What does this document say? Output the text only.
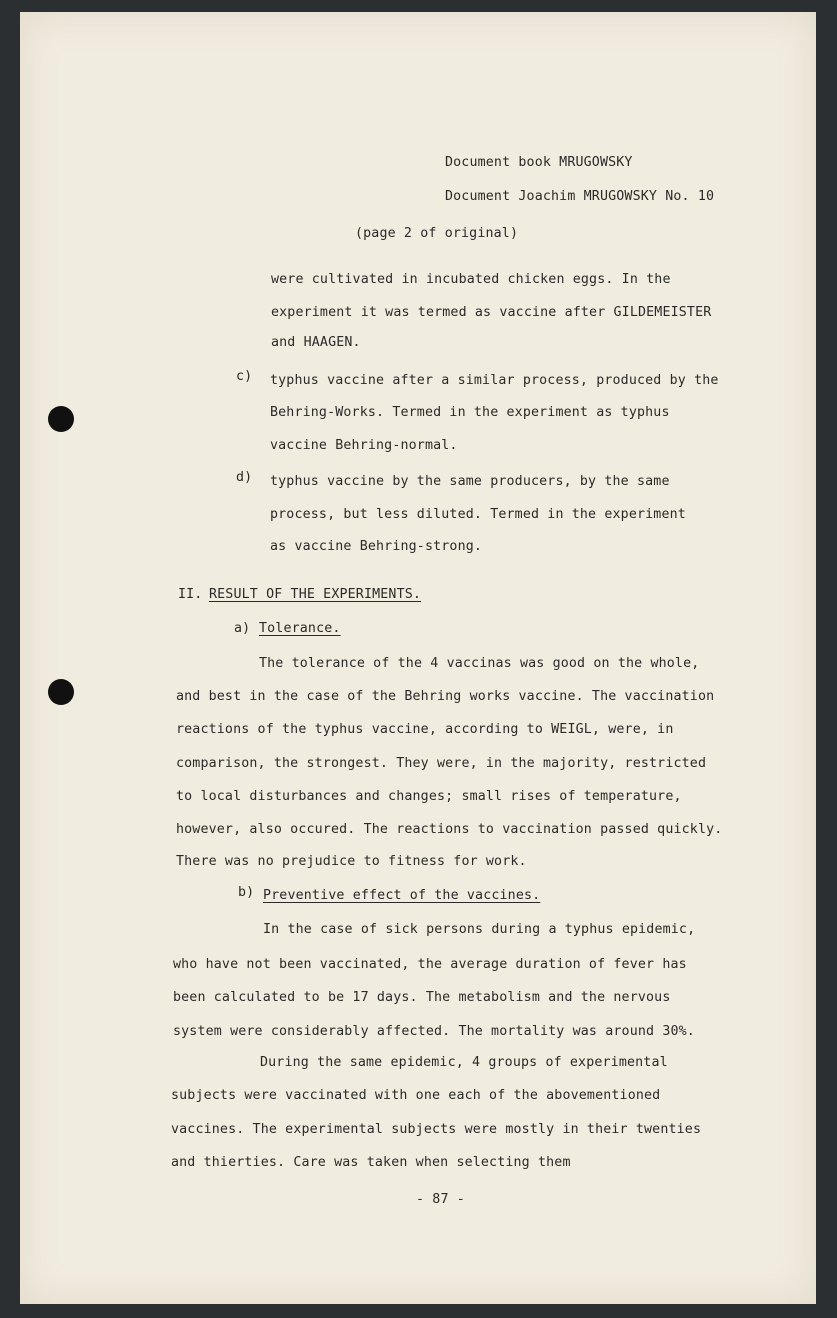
Document book MRUGOWSKY
Document Joachim MRUGOWSKY No. 10
(page 2 of original)
were cultivated in incubated chicken eggs. In the
experiment it was termed as vaccine after GILDEMEISTER
and HAAGEN.
c) typhus vaccine after a similar process, produced by the
Behring-Works. Termed in the experiment as typhus
vaccine Behring-normal.
d) typhus vaccine by the same producers, by the same
process, but less diluted. Termed in the experiment
as vaccine Behring-strong.
II. RESULT OF THE EXPERIMENTS.
a) Tolerance.
The tolerance of the 4 vaccinas was good on the whole,
and best in the case of the Behring works vaccine. The vaccination
reactions of the typhus vaccine, according to WEIGL, were, in
comparison, the strongest. They were, in the majority, restricted
to local disturbances and changes; small rises of temperature,
however, also occured. The reactions to vaccination passed quickly.
There was no prejudice to fitness for work.
b) Preventive effect of the vaccines.
In the case of sick persons during a typhus epidemic,
who have not been vaccinated, the average duration of fever has
been calculated to be 17 days. The metabolism and the nervous
system were considerably affected. The mortality was around 30%.
During the same epidemic, 4 groups of experimental
subjects were vaccinated with one each of the abovementioned
vaccines. The experimental subjects were mostly in their twenties
and thierties. Care was taken when selecting them
- 87 -
